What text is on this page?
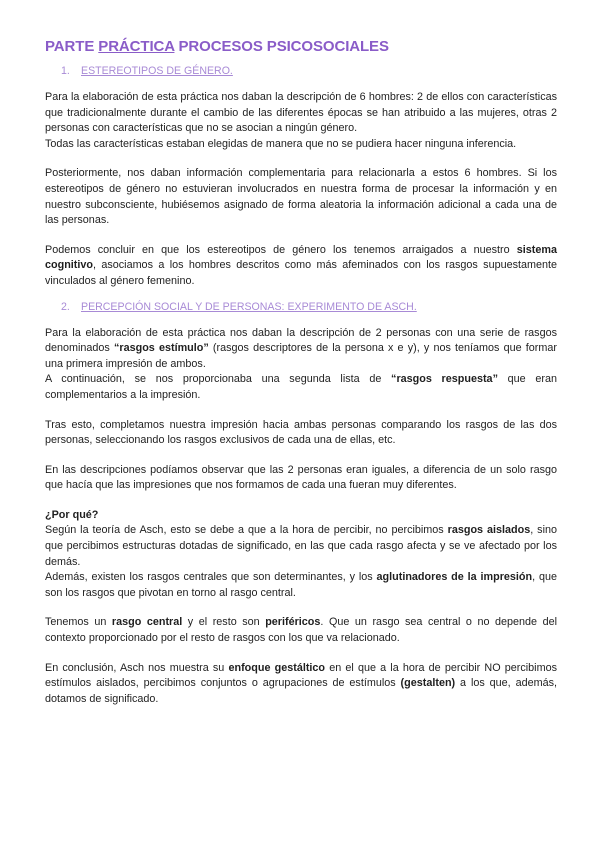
PARTE PRÁCTICA PROCESOS PSICOSOCIALES
1. ESTEREOTIPOS DE GÉNERO.

Para la elaboración de esta práctica nos daban la descripción de 6 hombres: 2 de ellos con características que tradicionalmente durante el cambio de las diferentes épocas se han atribuido a las mujeres, otras 2 personas con características que no se asocian a ningún género.

Todas las características estaban elegidas de manera que no se pudiera hacer ninguna inferencia.

Posteriormente, nos daban información complementaria para relacionarla a estos 6 hombres. Si los estereotipos de género no estuvieran involucrados en nuestra forma de procesar la información y en nuestro subconsciente, hubiésemos asignado de forma aleatoria la información adicional a cada una de las personas.

Podemos concluir en que los estereotipos de género los tenemos arraigados a nuestro sistema cognitivo, asociamos a los hombres descritos como más afeminados con los rasgos supuestamente vinculados al género femenino.

2. PERCEPCIÓN SOCIAL Y DE PERSONAS: EXPERIMENTO DE ASCH.

Para la elaboración de esta práctica nos daban la descripción de 2 personas con una serie de rasgos denominados “rasgos estímulo” (rasgos descriptores de la persona x e y), y nos teníamos que formar una primera impresión de ambos.

A continuación, se nos proporcionaba una segunda lista de “rasgos respuesta” que eran complementarios a la impresión.

Tras esto, completamos nuestra impresión hacia ambas personas comparando los rasgos de las dos personas, seleccionando los rasgos exclusivos de cada una de ellas, etc.

En las descripciones podíamos observar que las 2 personas eran iguales, a diferencia de un solo rasgo que hacía que las impresiones que nos formamos de cada una fueran muy diferentes.

¿Por qué?

Según la teoría de Asch, esto se debe a que a la hora de percibir, no percibimos rasgos aislados, sino que percibimos estructuras dotadas de significado, en las que cada rasgo afecta y se ve afectado por los demás.

Además, existen los rasgos centrales que son determinantes, y los aglutinadores de la impresión, que son los rasgos que pivotan en torno al rasgo central.

Tenemos un rasgo central y el resto son periféricos. Que un rasgo sea central o no depende del contexto proporcionado por el resto de rasgos con los que va relacionado.

En conclusión, Asch nos muestra su enfoque gestáltico en el que a la hora de percibir NO percibimos estímulos aislados, percibimos conjuntos o agrupaciones de estímulos (gestalten) a los que, además, dotamos de significado.
